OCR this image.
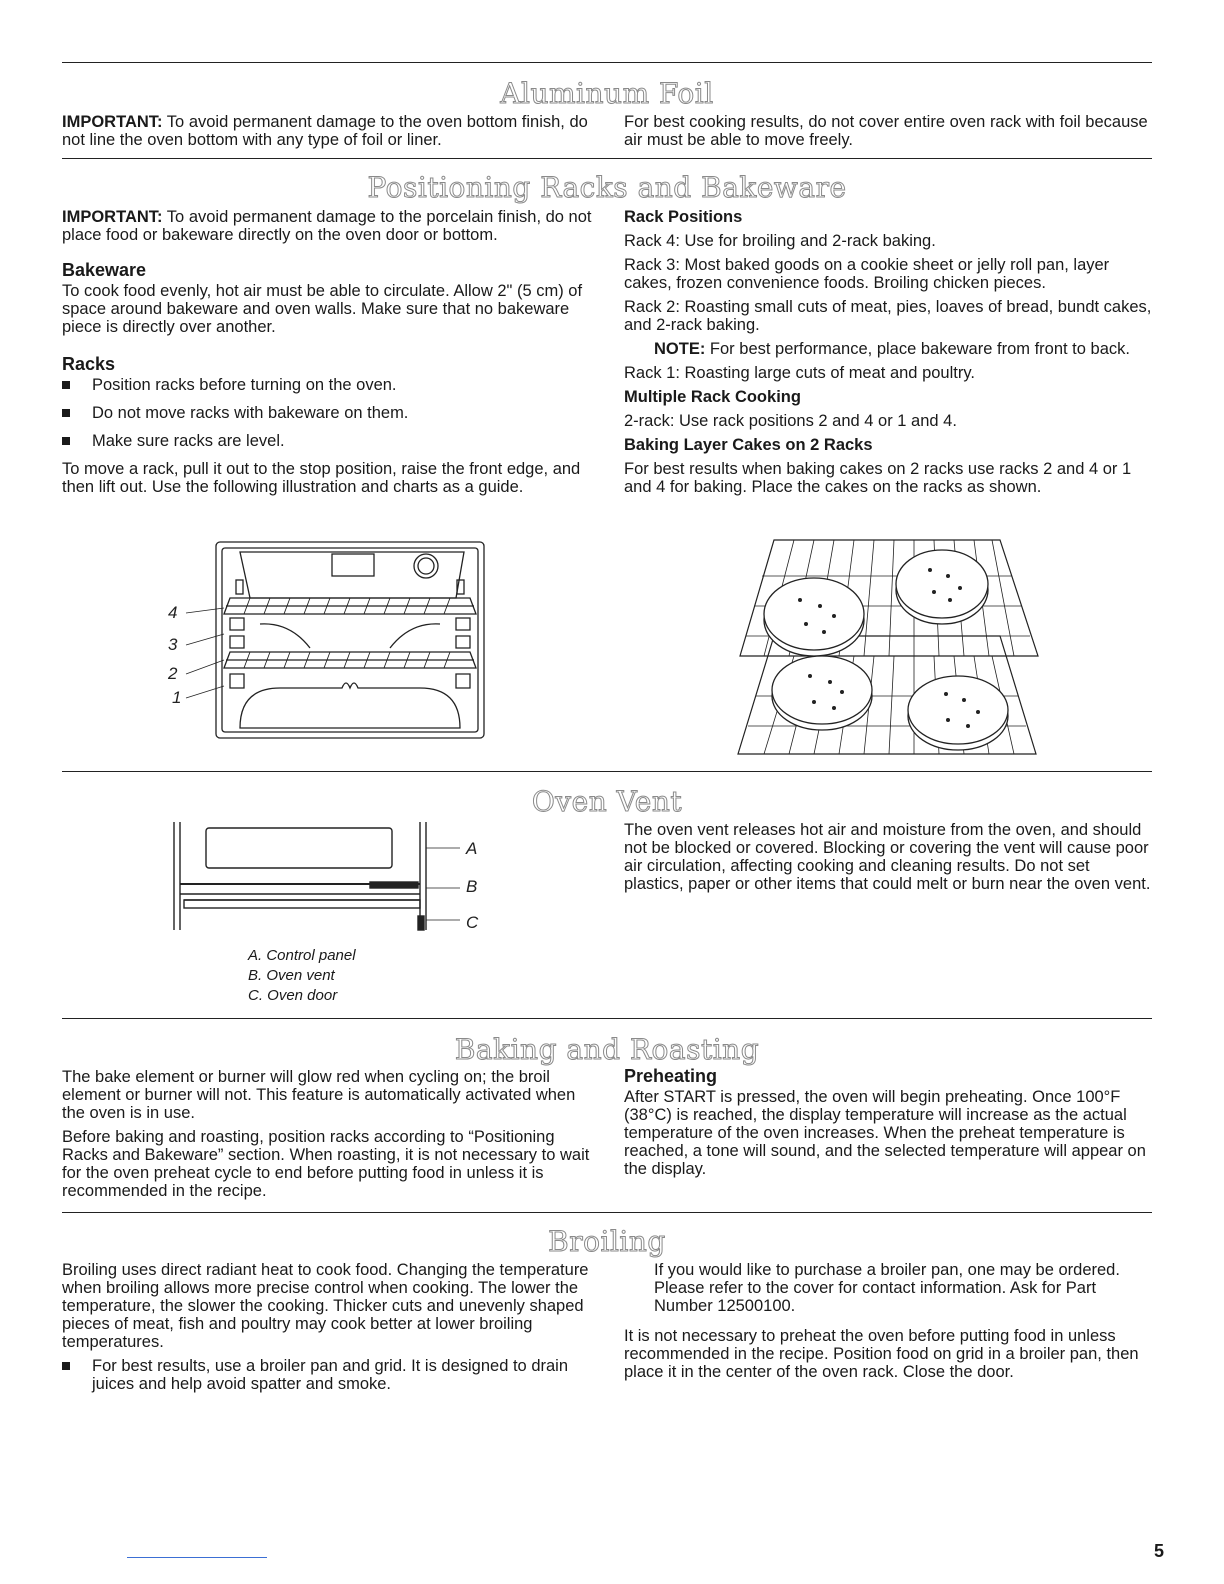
Aluminum Foil

IMPORTANT: To avoid permanent damage to the oven bottom finish, do not line the oven bottom with any type of foil or liner.

For best cooking results, do not cover entire oven rack with foil because air must be able to move freely.

Positioning Racks and Bakeware

IMPORTANT: To avoid permanent damage to the porcelain finish, do not place food or bakeware directly on the oven door or bottom.

Bakeware

To cook food evenly, hot air must be able to circulate. Allow 2" (5 cm) of space around bakeware and oven walls. Make sure that no bakeware piece is directly over another.

Racks
Position racks before turning on the oven.
Do not move racks with bakeware on them.
Make sure racks are level.

To move a rack, pull it out to the stop position, raise the front edge, and then lift out. Use the following illustration and charts as a guide.

Rack Positions

Rack 4: Use for broiling and 2-rack baking.

Rack 3: Most baked goods on a cookie sheet or jelly roll pan, layer cakes, frozen convenience foods. Broiling chicken pieces.

Rack 2: Roasting small cuts of meat, pies, loaves of bread, bundt cakes, and 2-rack baking.

NOTE: For best performance, place bakeware from front to back.

Rack 1: Roasting large cuts of meat and poultry.

Multiple Rack Cooking

2-rack: Use rack positions 2 and 4 or 1 and 4.

Baking Layer Cakes on 2 Racks

For best results when baking cakes on 2 racks use racks 2 and 4 or 1 and 4 for baking. Place the cakes on the racks as shown.

4
3
2
1
Oven Vent
A
B
C
A. Control panel
B. Oven vent
C. Oven door

The oven vent releases hot air and moisture from the oven, and should not be blocked or covered. Blocking or covering the vent will cause poor air circulation, affecting cooking and cleaning results. Do not set plastics, paper or other items that could melt or burn near the oven vent.

Baking and Roasting

The bake element or burner will glow red when cycling on; the broil element or burner will not. This feature is automatically activated when the oven is in use.

Before baking and roasting, position racks according to “Positioning Racks and Bakeware” section. When roasting, it is not necessary to wait for the oven preheat cycle to end before putting food in unless it is recommended in the recipe.

Preheating

After START is pressed, the oven will begin preheating. Once 100°F (38°C) is reached, the display temperature will increase as the actual temperature of the oven increases. When the preheat temperature is reached, a tone will sound, and the selected temperature will appear on the display.

Broiling

Broiling uses direct radiant heat to cook food. Changing the temperature when broiling allows more precise control when cooking. The lower the temperature, the slower the cooking. Thicker cuts and unevenly shaped pieces of meat, fish and poultry may cook better at lower broiling temperatures.

For best results, use a broiler pan and grid. It is designed to drain juices and help avoid spatter and smoke.

If you would like to purchase a broiler pan, one may be ordered. Please refer to the cover for contact information. Ask for Part Number 12500100.

It is not necessary to preheat the oven before putting food in unless recommended in the recipe. Position food on grid in a broiler pan, then place it in the center of the oven rack. Close the door.

5
